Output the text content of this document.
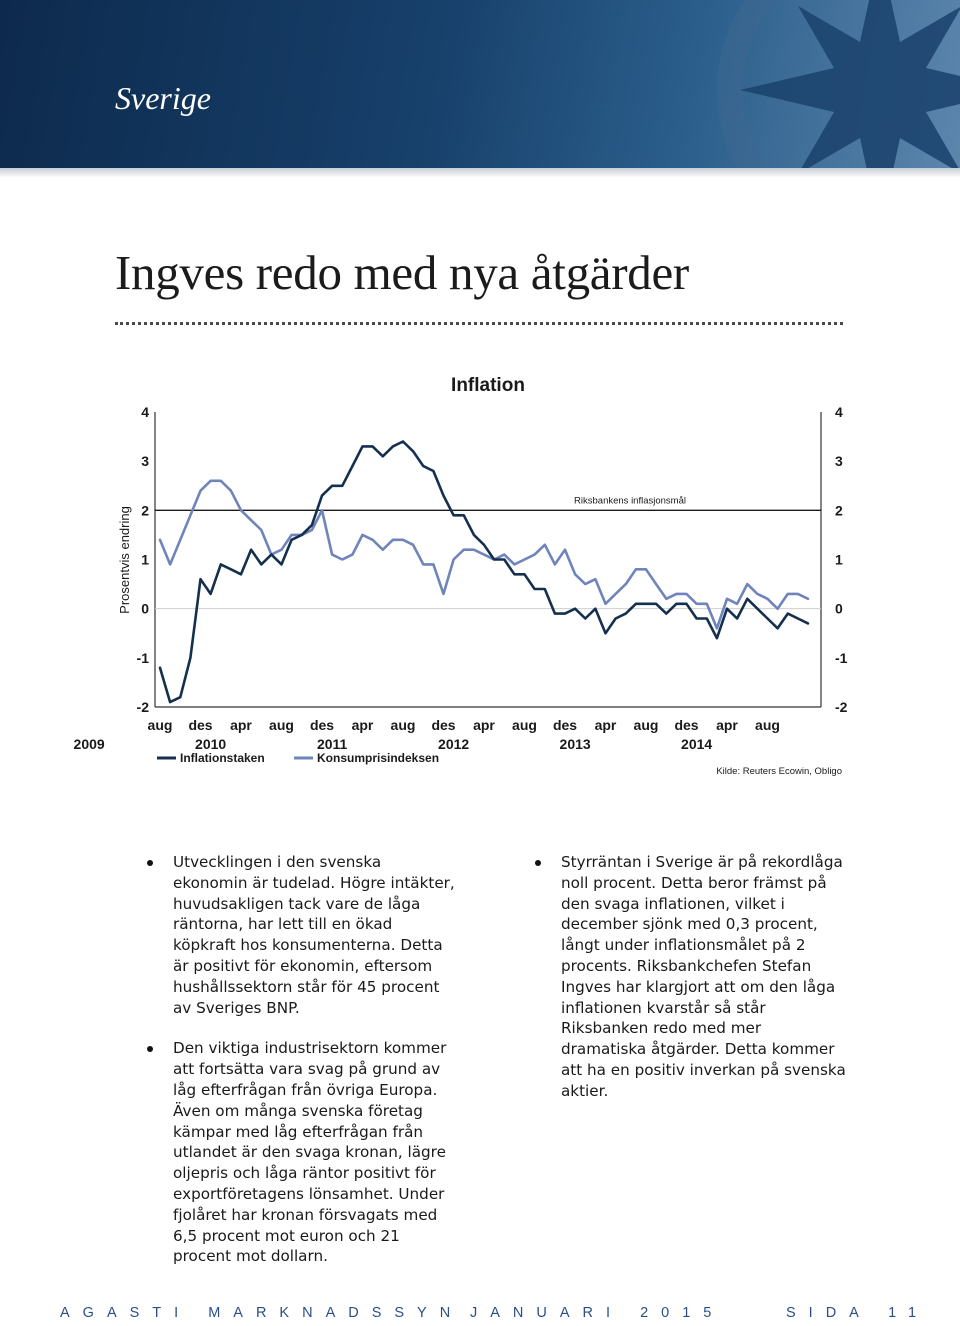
Sverige
Ingves redo med nya åtgärder
Inflation
Prosentvis endring
4
3
2
1
0
-1
-2
4
3
2
1
0
-1
-2
Riksbankens inflasjonsmål
aug des apr aug des apr aug des apr aug des apr aug des apr aug
2009	2010	2011	2012	2013	2014
Inflationstaken	Konsumprisindeksen
Kilde: Reuters Ecowin, Obligo
Utvecklingen i den svenska ekonomin är tudelad. Högre intäkter, huvudsakligen tack vare de låga räntorna, har lett till en ökad köpkraft hos konsumenterna. Detta är positivt för ekonomin, eftersom hushållssektorn står för 45 procent av Sveriges BNP.
Den viktiga industrisektorn kommer att fortsätta vara svag på grund av låg efterfrågan från övriga Europa. Även om många svenska företag kämpar med låg efterfrågan från utlandet är den svaga kronan, lägre oljepris och låga räntor positivt för exportföretagens lönsamhet. Under fjolåret har kronan försvagats med 6,5 procent mot euron och 21 procent mot dollarn.
Styrräntan i Sverige är på rekordlåga noll procent. Detta beror främst på den svaga inflationen, vilket i december sjönk med 0,3 procent, långt under inflationsmålet på 2 procents. Riksbankchefen Stefan Ingves har klargjort att om den låga inflationen kvarstår så står Riksbanken redo med mer dramatiska åtgärder. Detta kommer att ha en positiv inverkan på svenska aktier.

AGASTI MARKNADSSYN JANUARI 2015	SIDA 11
